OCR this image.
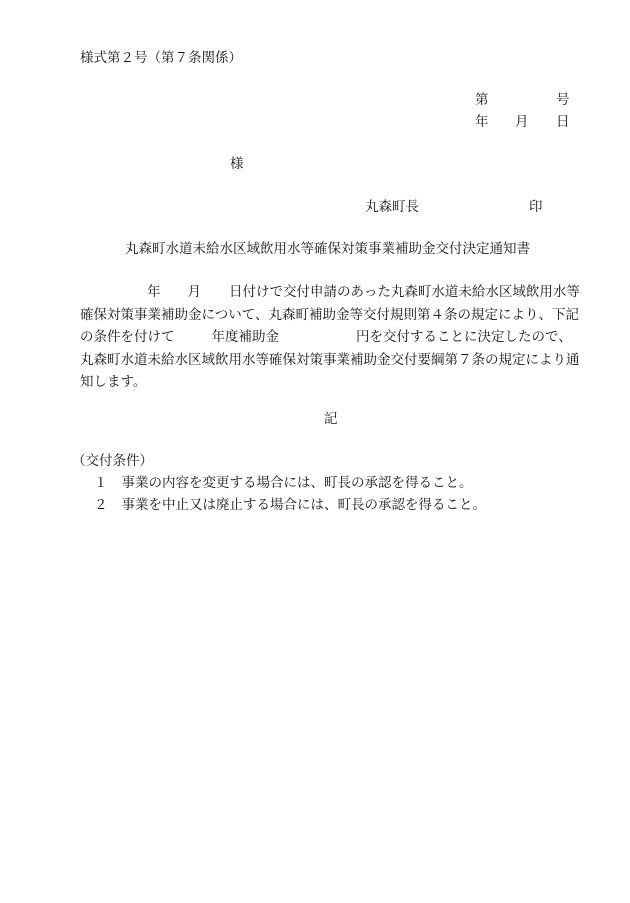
様式第２号（第７条関係）
第	号
年 月 日
様
丸森町長	印
丸森町水道未給水区域飲用水等確保対策事業補助金交付決定通知書
年 月 日付けで交付申請のあった丸森町水道未給水区域飲用水等
確保対策事業補助金について、丸森町補助金等交付規則第４条の規定により、下記
の条件を付けて	年度補助金	円を交付することに決定したので、
丸森町水道未給水区域飲用水等確保対策事業補助金交付要綱第７条の規定により通
知します。
記
（交付条件）
１ 事業の内容を変更する場合には、町長の承認を得ること。
２ 事業を中止又は廃止する場合には、町長の承認を得ること。
